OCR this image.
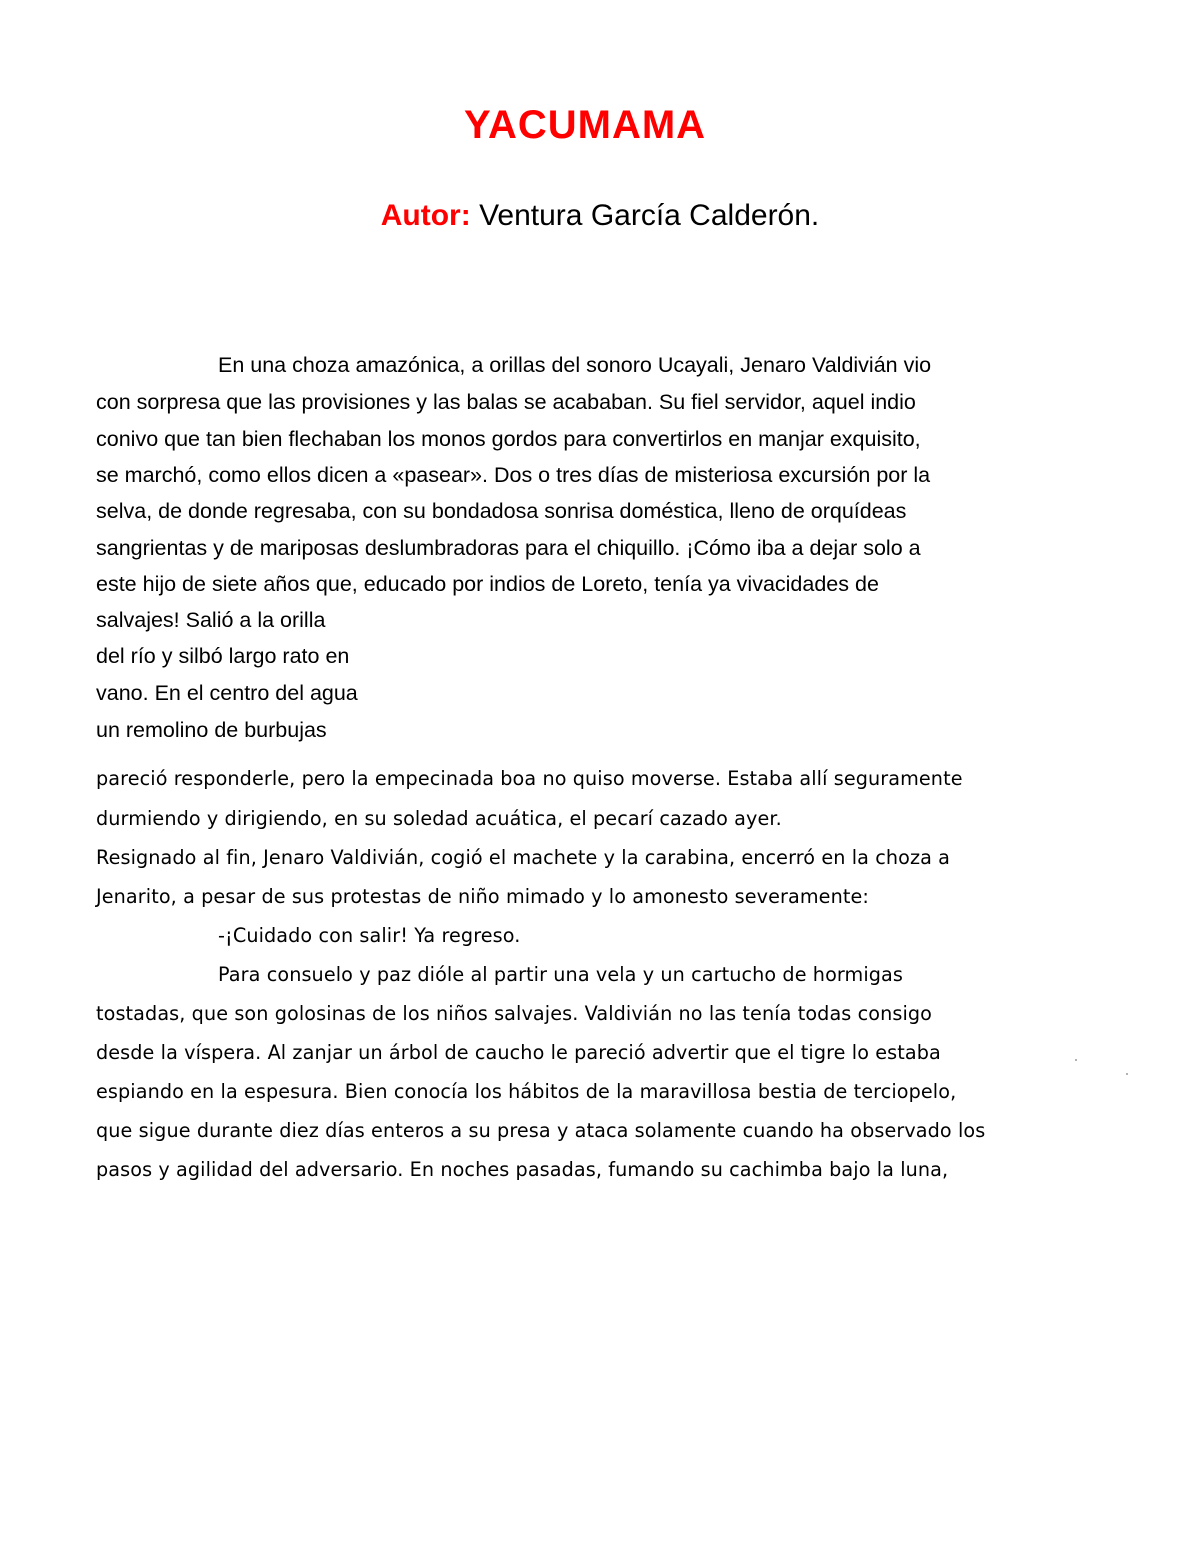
YACUMAMA

Autor: Ventura García Calderón.

En una choza amazónica, a orillas del sonoro Ucayali, Jenaro Valdivián vio

con sorpresa que las provisiones y las balas se acababan. Su fiel servidor, aquel indio

conivo que tan bien flechaban los monos gordos para convertirlos en manjar exquisito,

se marchó, como ellos dicen a «pasear». Dos o tres días de misteriosa excursión por la

selva, de donde regresaba, con su bondadosa sonrisa doméstica, lleno de orquídeas

sangrientas y de mariposas deslumbradoras para el chiquillo. ¡Cómo iba a dejar solo a

este hijo de siete años que, educado por indios de Loreto, tenía ya vivacidades de

salvajes! Salió a la orilla

del río y silbó largo rato en

vano. En el centro del agua

un remolino de burbujas

pareció responderle, pero la empecinada boa no quiso moverse. Estaba allí seguramente

durmiendo y dirigiendo, en su soledad acuática, el pecarí cazado ayer.

Resignado al fin, Jenaro Valdivián, cogió el machete y la carabina, encerró en la choza a

Jenarito, a pesar de sus protestas de niño mimado y lo amonesto severamente:

-¡Cuidado con salir! Ya regreso.

Para consuelo y paz dióle al partir una vela y un cartucho de hormigas

tostadas, que son golosinas de los niños salvajes. Valdivián no las tenía todas consigo

desde la víspera. Al zanjar un árbol de caucho le pareció advertir que el tigre lo estaba

espiando en la espesura. Bien conocía los hábitos de la maravillosa bestia de terciopelo,

que sigue durante diez días enteros a su presa y ataca solamente cuando ha observado los

pasos y agilidad del adversario. En noches pasadas, fumando su cachimba bajo la luna,
